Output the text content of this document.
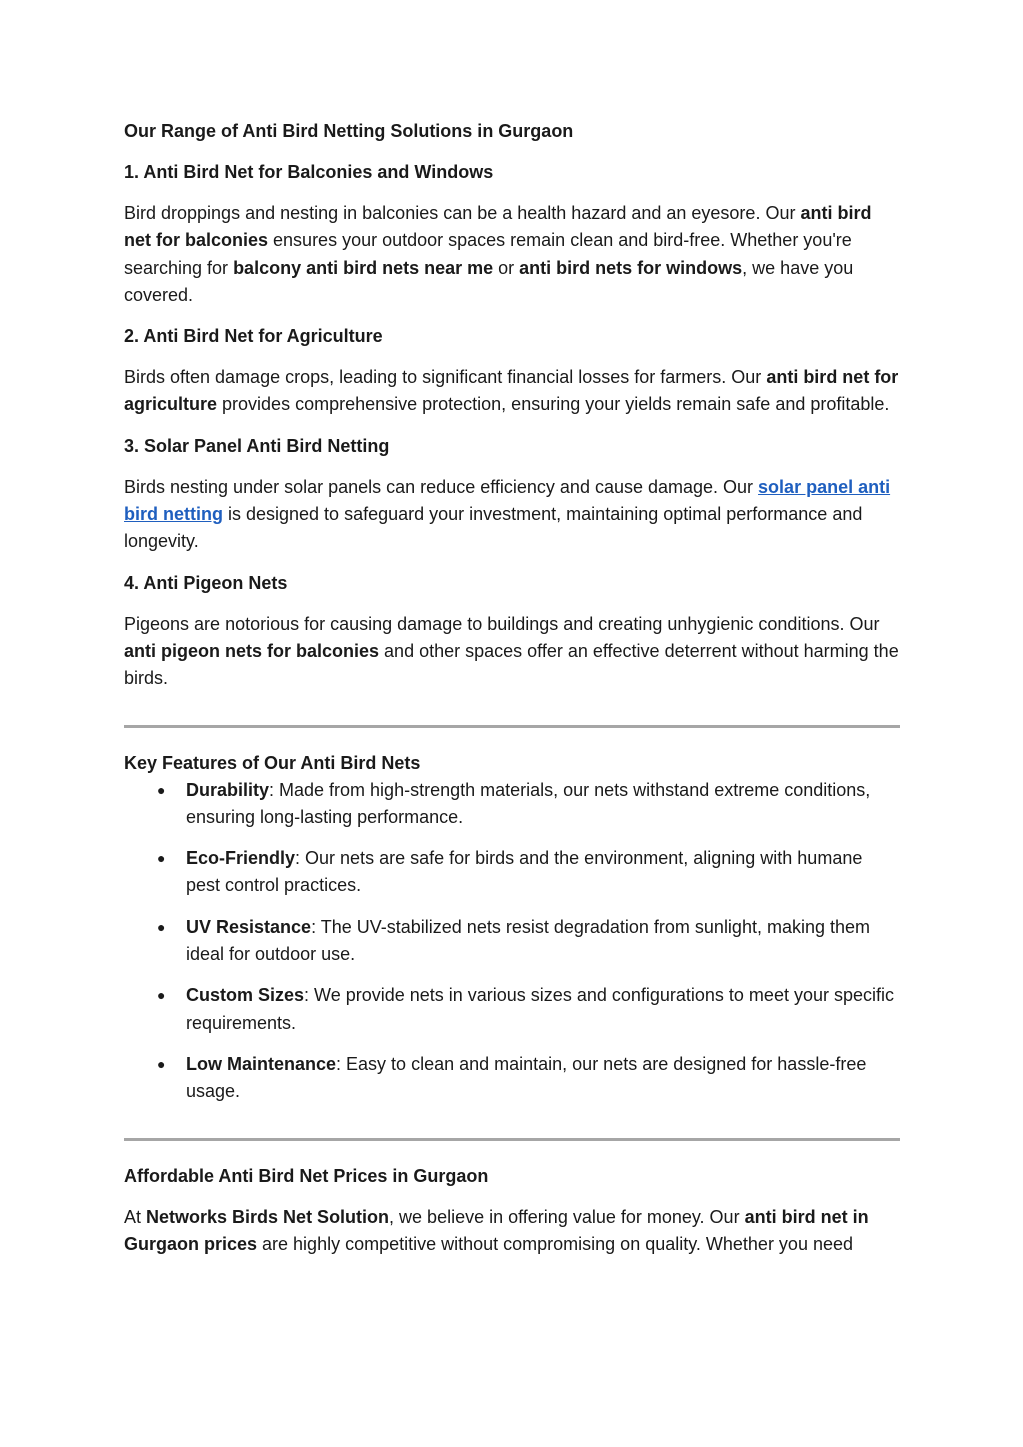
Our Range of Anti Bird Netting Solutions in Gurgaon
1. Anti Bird Net for Balconies and Windows

Bird droppings and nesting in balconies can be a health hazard and an eyesore. Our anti bird net for balconies ensures your outdoor spaces remain clean and bird-free. Whether you're searching for balcony anti bird nets near me or anti bird nets for windows, we have you covered.

2. Anti Bird Net for Agriculture

Birds often damage crops, leading to significant financial losses for farmers. Our anti bird net for agriculture provides comprehensive protection, ensuring your yields remain safe and profitable.

3. Solar Panel Anti Bird Netting

Birds nesting under solar panels can reduce efficiency and cause damage. Our solar panel anti bird netting is designed to safeguard your investment, maintaining optimal performance and longevity.

4. Anti Pigeon Nets

Pigeons are notorious for causing damage to buildings and creating unhygienic conditions. Our anti pigeon nets for balconies and other spaces offer an effective deterrent without harming the birds.

Key Features of Our Anti Bird Nets
● Durability: Made from high-strength materials, our nets withstand extreme conditions, ensuring long-lasting performance.
● Eco-Friendly: Our nets are safe for birds and the environment, aligning with humane pest control practices.
● UV Resistance: The UV-stabilized nets resist degradation from sunlight, making them ideal for outdoor use.
● Custom Sizes: We provide nets in various sizes and configurations to meet your specific requirements.
● Low Maintenance: Easy to clean and maintain, our nets are designed for hassle-free usage.
Affordable Anti Bird Net Prices in Gurgaon

At Networks Birds Net Solution, we believe in offering value for money. Our anti bird net in Gurgaon prices are highly competitive without compromising on quality. Whether you need
